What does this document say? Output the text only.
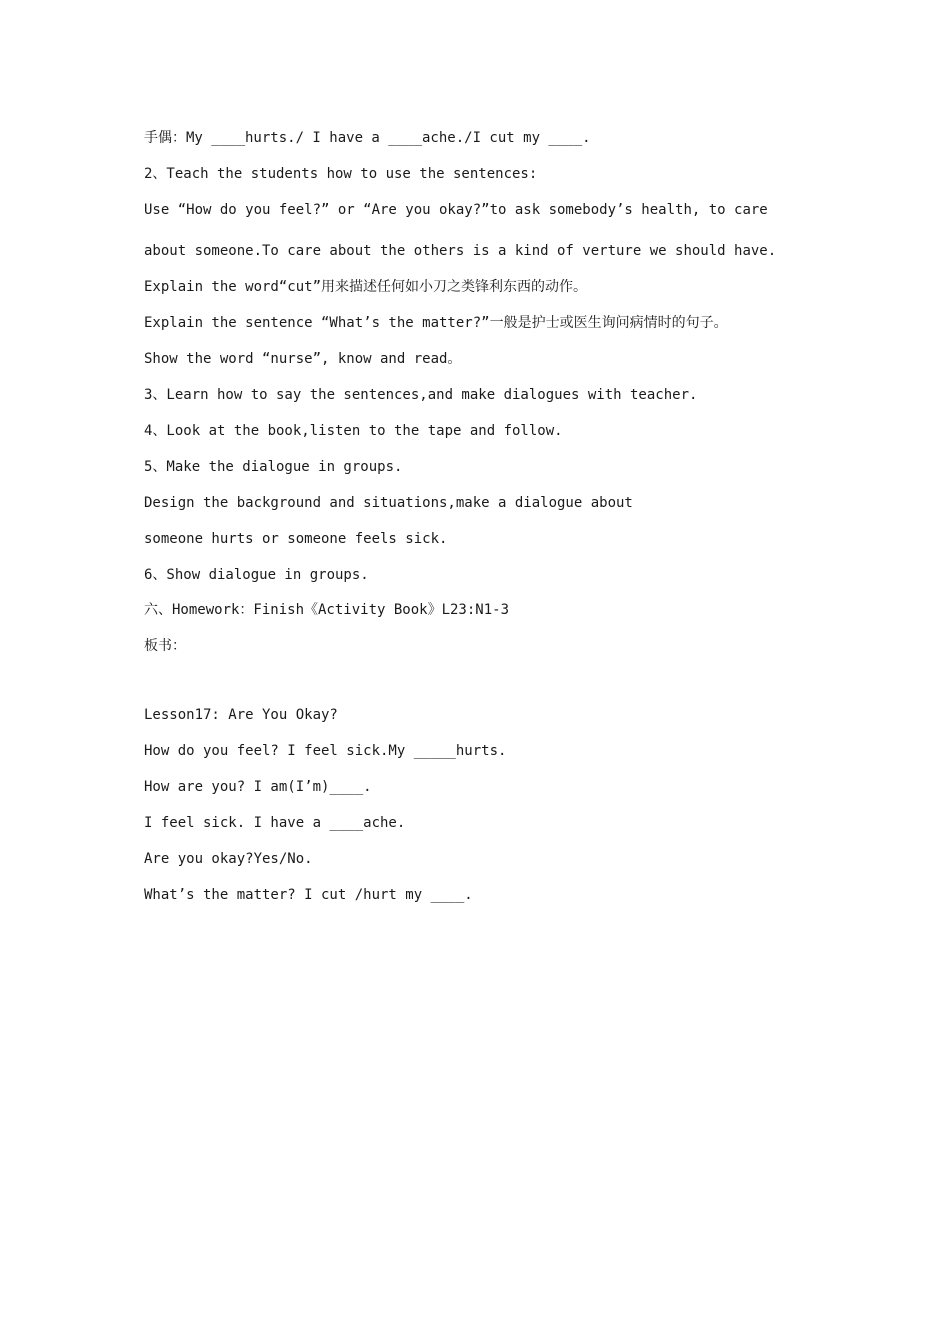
手偶：My ____hurts./ I have a ____ache./I cut my ____.
2、Teach the students how to use the sentences:
Use “How do you feel?” or “Are you okay?”to ask somebody’s health, to care
about someone.To care about the others is a kind of verture we should have.
Explain the word“cut”用来描述任何如小刀之类锋利东西的动作。
Explain the sentence “What’s the matter?”一般是护士或医生询问病情时的句子。
Show the word “nurse”, know and read。
3、Learn how to say the sentences,and make dialogues with teacher.
4、Look at the book,listen to the tape and follow.
5、Make the dialogue in groups.
Design the background and situations,make a dialogue about
someone hurts or someone feels sick.
6、Show dialogue in groups.
六、Homework：Finish《Activity Book》L23:N1-3
板书：
Lesson17: Are You Okay?
How do you feel? I feel sick.My _____hurts.
How are you? I am(I’m)____.
I feel sick. I have a ____ache.
Are you okay?Yes/No.
What’s the matter? I cut /hurt my ____.
